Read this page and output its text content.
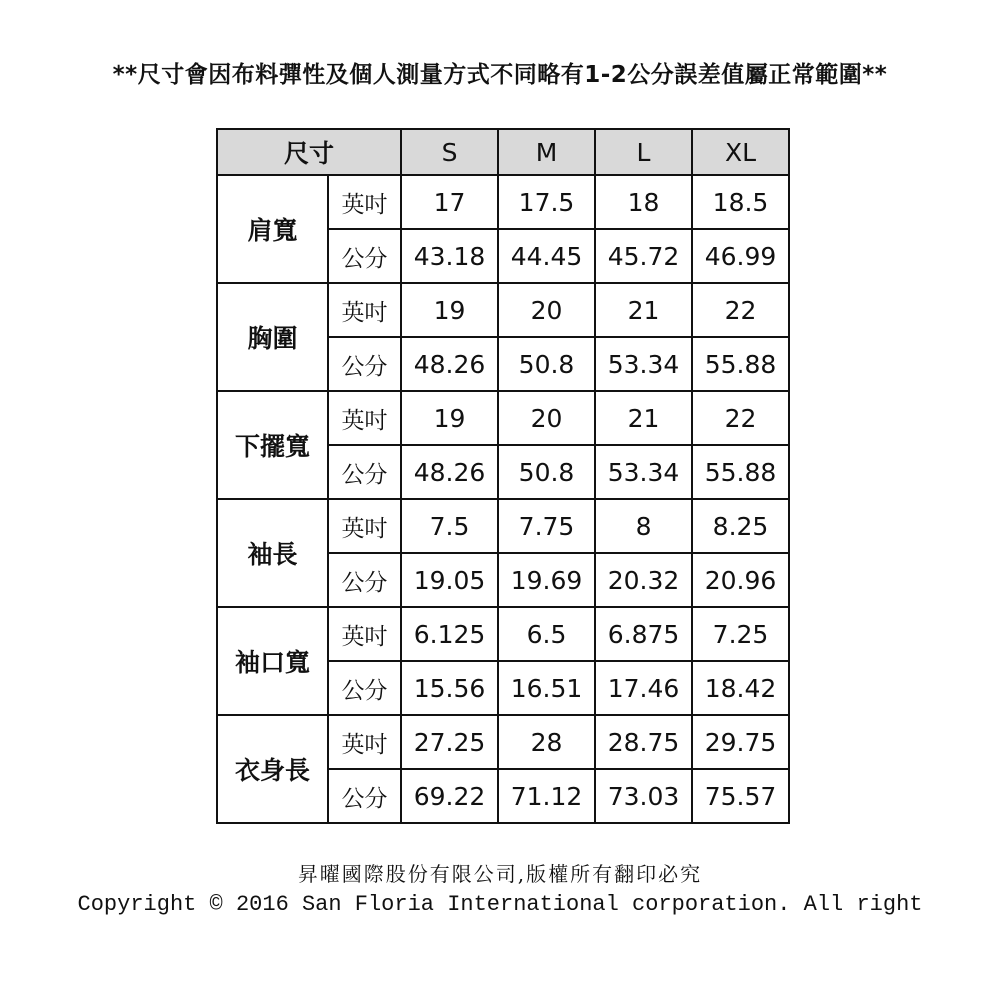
**尺寸會因布料彈性及個人測量方式不同略有1-2公分誤差值屬正常範圍**
尺寸		S	M	L	XL
肩寬	英吋	17	17.5	18	18.5
	公分	43.18	44.45	45.72	46.99
胸圍	英吋	19	20	21	22
	公分	48.26	50.8	53.34	55.88
下擺寬	英吋	19	20	21	22
	公分	48.26	50.8	53.34	55.88
袖長	英吋	7.5	7.75	8	8.25
	公分	19.05	19.69	20.32	20.96
袖口寬	英吋	6.125	6.5	6.875	7.25
	公分	15.56	16.51	17.46	18.42
衣身長	英吋	27.25	28	28.75	29.75
	公分	69.22	71.12	73.03	75.57
昇曜國際股份有限公司,版權所有翻印必究
Copyright © 2016 San Floria International corporation. All right
